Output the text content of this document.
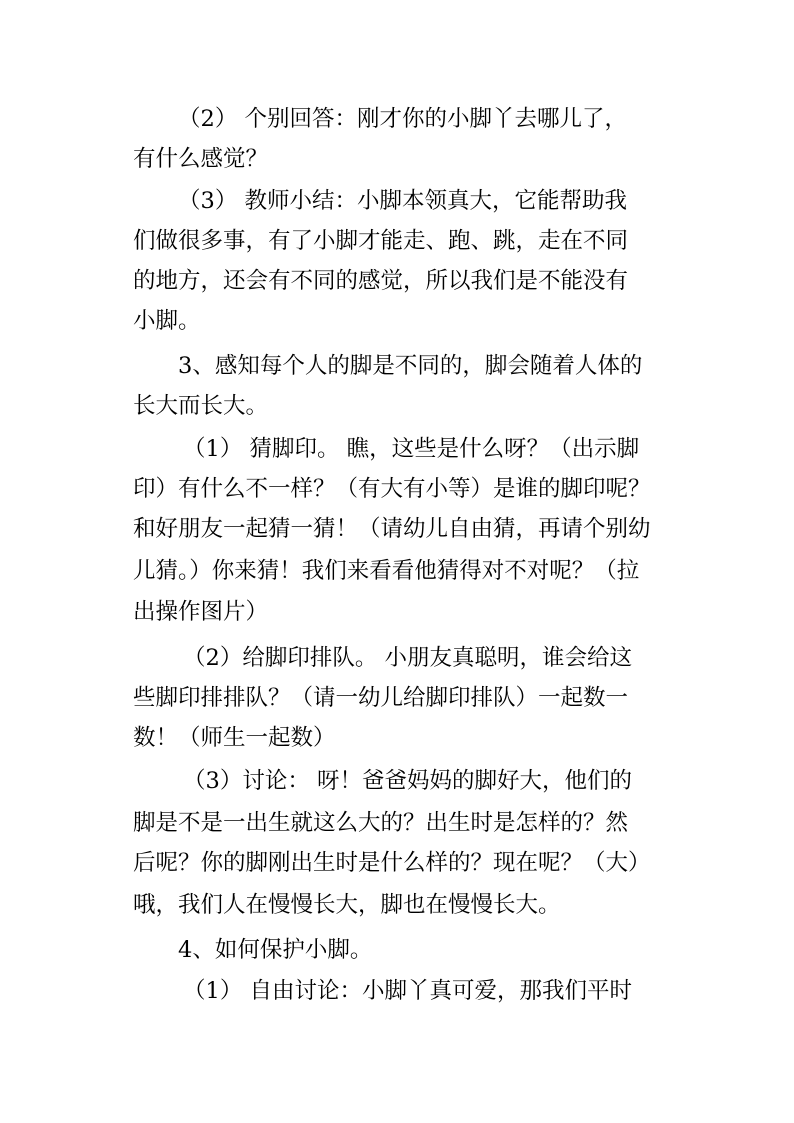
（2） 个别回答：刚才你的小脚丫去哪儿了，
有什么感觉？
（3） 教师小结：小脚本领真大，它能帮助我
们做很多事，有了小脚才能走、跑、跳，走在不同
的地方，还会有不同的感觉，所以我们是不能没有
小脚。
3、感知每个人的脚是不同的，脚会随着人体的
长大而长大。
（1） 猜脚印。 瞧，这些是什么呀？（出示脚
印）有什么不一样？（有大有小等）是谁的脚印呢？
和好朋友一起猜一猜！（请幼儿自由猜，再请个别幼
儿猜。）你来猜！我们来看看他猜得对不对呢？（拉
出操作图片）
（2）给脚印排队。 小朋友真聪明，谁会给这
些脚印排排队？（请一幼儿给脚印排队）一起数一
数！（师生一起数）
（3）讨论： 呀！爸爸妈妈的脚好大，他们的
脚是不是一出生就这么大的？出生时是怎样的？然
后呢？你的脚刚出生时是什么样的？现在呢？（大）
哦，我们人在慢慢长大，脚也在慢慢长大。
4、如何保护小脚。
（1） 自由讨论：小脚丫真可爱，那我们平时
